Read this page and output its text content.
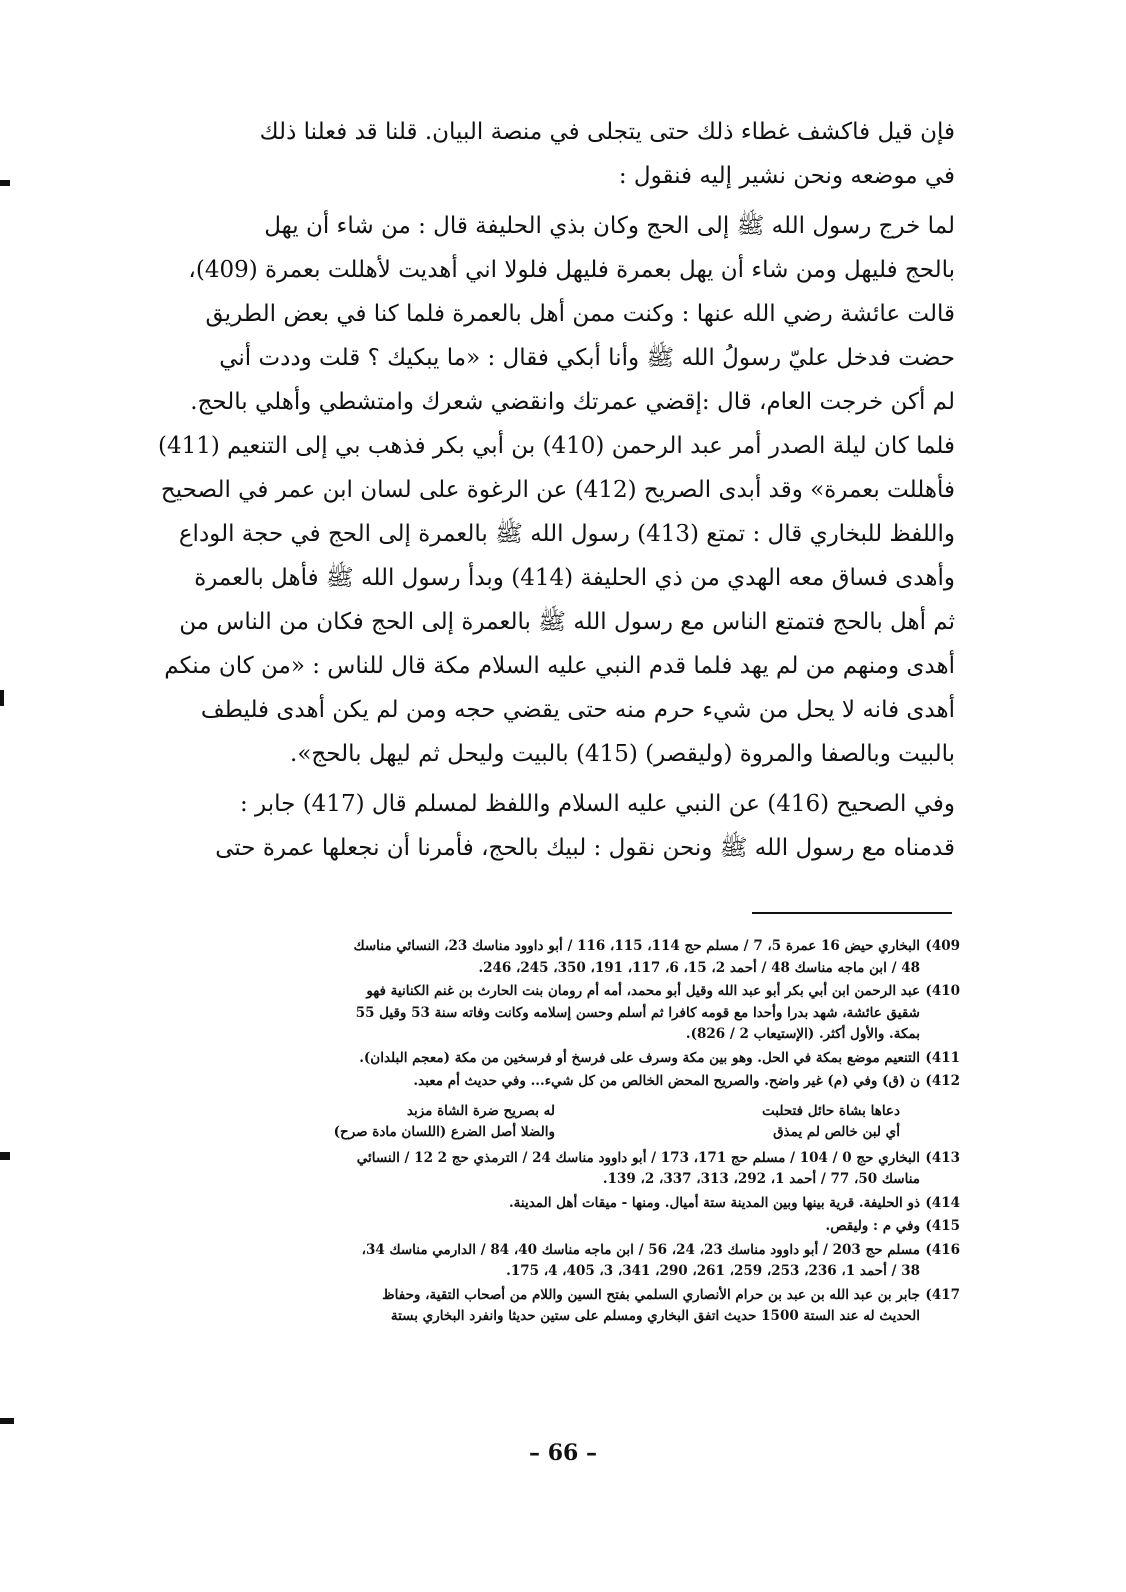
فإن قيل فاكشف غطاء ذلك حتى يتجلى في منصة البيان. قلنا قد فعلنا ذلك
في موضعه ونحن نشير إليه فنقول :

لما خرج رسول الله ﷺ إلى الحج وكان بذي الحليفة قال : من شاء أن يهل
بالحج فليهل ومن شاء أن يهل بعمرة فليهل فلولا اني أهديت لأهللت بعمرة (409)،
قالت عائشة رضي الله عنها : وكنت ممن أهل بالعمرة فلما كنا في بعض الطريق
حضت فدخل عليّ رسولُ الله ﷺ وأنا أبكي فقال : «ما يبكيك ؟ قلت وددت أني
لم أكن خرجت العام، قال :إقضي عمرتك وانقضي شعرك وامتشطي وأهلي بالحج.
فلما كان ليلة الصدر أمر عبد الرحمن (410) بن أبي بكر فذهب بي إلى التنعيم (411)
فأهللت بعمرة» وقد أبدى الصريح (412) عن الرغوة على لسان ابن عمر في الصحيح
واللفظ للبخاري قال : تمتع (413) رسول الله ﷺ بالعمرة إلى الحج في حجة الوداع
وأهدى فساق معه الهدي من ذي الحليفة (414) وبدأ رسول الله ﷺ فأهل بالعمرة
ثم أهل بالحج فتمتع الناس مع رسول الله ﷺ بالعمرة إلى الحج فكان من الناس من
أهدى ومنهم من لم يهد فلما قدم النبي عليه السلام مكة قال للناس : «من كان منكم
أهدى فانه لا يحل من شيء حرم منه حتى يقضي حجه ومن لم يكن أهدى فليطف
بالبيت وبالصفا والمروة (وليقصر) (415) بالبيت وليحل ثم ليهل بالحج».

وفي الصحيح (416) عن النبي عليه السلام واللفظ لمسلم قال (417) جابر :
قدمناه مع رسول الله ﷺ ونحن نقول : لبيك بالحج، فأمرنا أن نجعلها عمرة حتى

409)
البخاري حيض 16 عمرة 5، 7 / مسلم حج 114، 115، 116 / أبو داوود مناسك 23، النسائي مناسك
48 / ابن ماجه مناسك 48 / أحمد 2، 15، 6، 117، 191، 350، 245، 246.
410)
عبد الرحمن ابن أبي بكر أبو عبد الله وقيل أبو محمد، أمه أم رومان بنت الحارث بن غنم الكنانية فهو
شقيق عائشة، شهد بدرا وأحدا مع قومه كافرا ثم أسلم وحسن إسلامه وكانت وفاته سنة 53 وقيل 55
بمكة. والأول أكثر. (الإستيعاب 2 / 826).
411)
التنعيم موضع بمكة في الحل. وهو بين مكة وسرف على فرسخ أو فرسخين من مكة (معجم البلدان).
412)
ن (ق) وفي (م) غير واضح. والصريح المحض الخالص من كل شيء... وفي حديث أم معبد.
دعاها بشاة حائل فتحلبت
له بصريح ضرة الشاة مزبد
أي لبن خالص لم يمذق
والضلا أصل الضرع (اللسان مادة صرح)
413)
البخاري حج 0 / 104 / مسلم حج 171، 173 / أبو داوود مناسك 24 / الترمذي حج 2 12 / النسائي
مناسك 50، 77 / أحمد 1، 292، 313، 337، 2، 139.
414)
ذو الحليفة. قرية بينها وبين المدينة ستة أميال. ومنها - ميقات أهل المدينة.
415)
وفي م : وليقص.
416)
مسلم حج 203 / أبو داوود مناسك 23، 24، 56 / ابن ماجه مناسك 40، 84 / الدارمي مناسك 34،
38 / أحمد 1، 236، 253، 259، 261، 290، 341، 3، 405، 4، 175.
417)
جابر بن عبد الله بن عبد بن حرام الأنصاري السلمي بفتح السين واللام من أصحاب التقية، وحفاظ
الحديث له عند الستة 1500 حديث اتفق البخاري ومسلم على ستين حديثا وانفرد البخاري بستة
– 66 –
